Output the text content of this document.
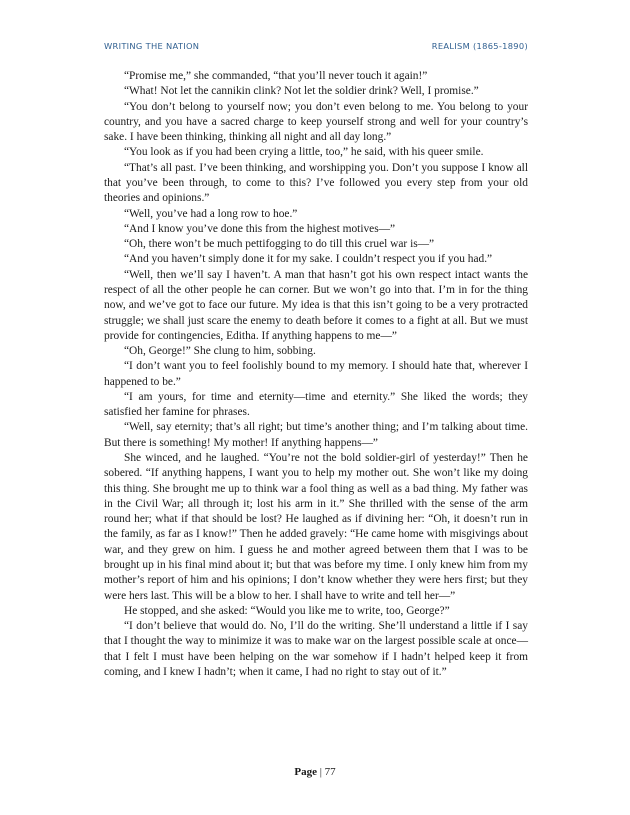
WRITING THE NATION	REALISM (1865-1890)

“Promise me,” she commanded, “that you’ll never touch it again!”

“What! Not let the cannikin clink? Not let the soldier drink? Well, I promise.”

“You don’t belong to yourself now; you don’t even belong to me. You belong to your country, and you have a sacred charge to keep yourself strong and well for your country’s sake. I have been thinking, thinking all night and all day long.”

“You look as if you had been crying a little, too,” he said, with his queer smile.

“That’s all past. I’ve been thinking, and worshipping you. Don’t you suppose I know all that you’ve been through, to come to this? I’ve followed you every step from your old theories and opinions.”

“Well, you’ve had a long row to hoe.”

“And I know you’ve done this from the highest motives—”

“Oh, there won’t be much pettifogging to do till this cruel war is—”

“And you haven’t simply done it for my sake. I couldn’t respect you if you had.”

“Well, then we’ll say I haven’t. A man that hasn’t got his own respect intact wants the respect of all the other people he can corner. But we won’t go into that. I’m in for the thing now, and we’ve got to face our future. My idea is that this isn’t going to be a very protracted struggle; we shall just scare the enemy to death before it comes to a fight at all. But we must provide for contingencies, Editha. If anything happens to me—”

“Oh, George!” She clung to him, sobbing.

“I don’t want you to feel foolishly bound to my memory. I should hate that, wherever I happened to be.”

“I am yours, for time and eternity—time and eternity.” She liked the words; they satisfied her famine for phrases.

“Well, say eternity; that’s all right; but time’s another thing; and I’m talking about time. But there is something! My mother! If anything happens—”

She winced, and he laughed. “You’re not the bold soldier-girl of yesterday!” Then he sobered. “If anything happens, I want you to help my mother out. She won’t like my doing this thing. She brought me up to think war a fool thing as well as a bad thing. My father was in the Civil War; all through it; lost his arm in it.” She thrilled with the sense of the arm round her; what if that should be lost? He laughed as if divining her: “Oh, it doesn’t run in the family, as far as I know!” Then he added gravely: “He came home with misgivings about war, and they grew on him. I guess he and mother agreed between them that I was to be brought up in his final mind about it; but that was before my time. I only knew him from my mother’s report of him and his opinions; I don’t know whether they were hers first; but they were hers last. This will be a blow to her. I shall have to write and tell her—”

He stopped, and she asked: “Would you like me to write, too, George?”

“I don’t believe that would do. No, I’ll do the writing. She’ll understand a little if I say that I thought the way to minimize it was to make war on the largest possible scale at once—that I felt I must have been helping on the war somehow if I hadn’t helped keep it from coming, and I knew I hadn’t; when it came, I had no right to stay out of it.”

Page | 77
